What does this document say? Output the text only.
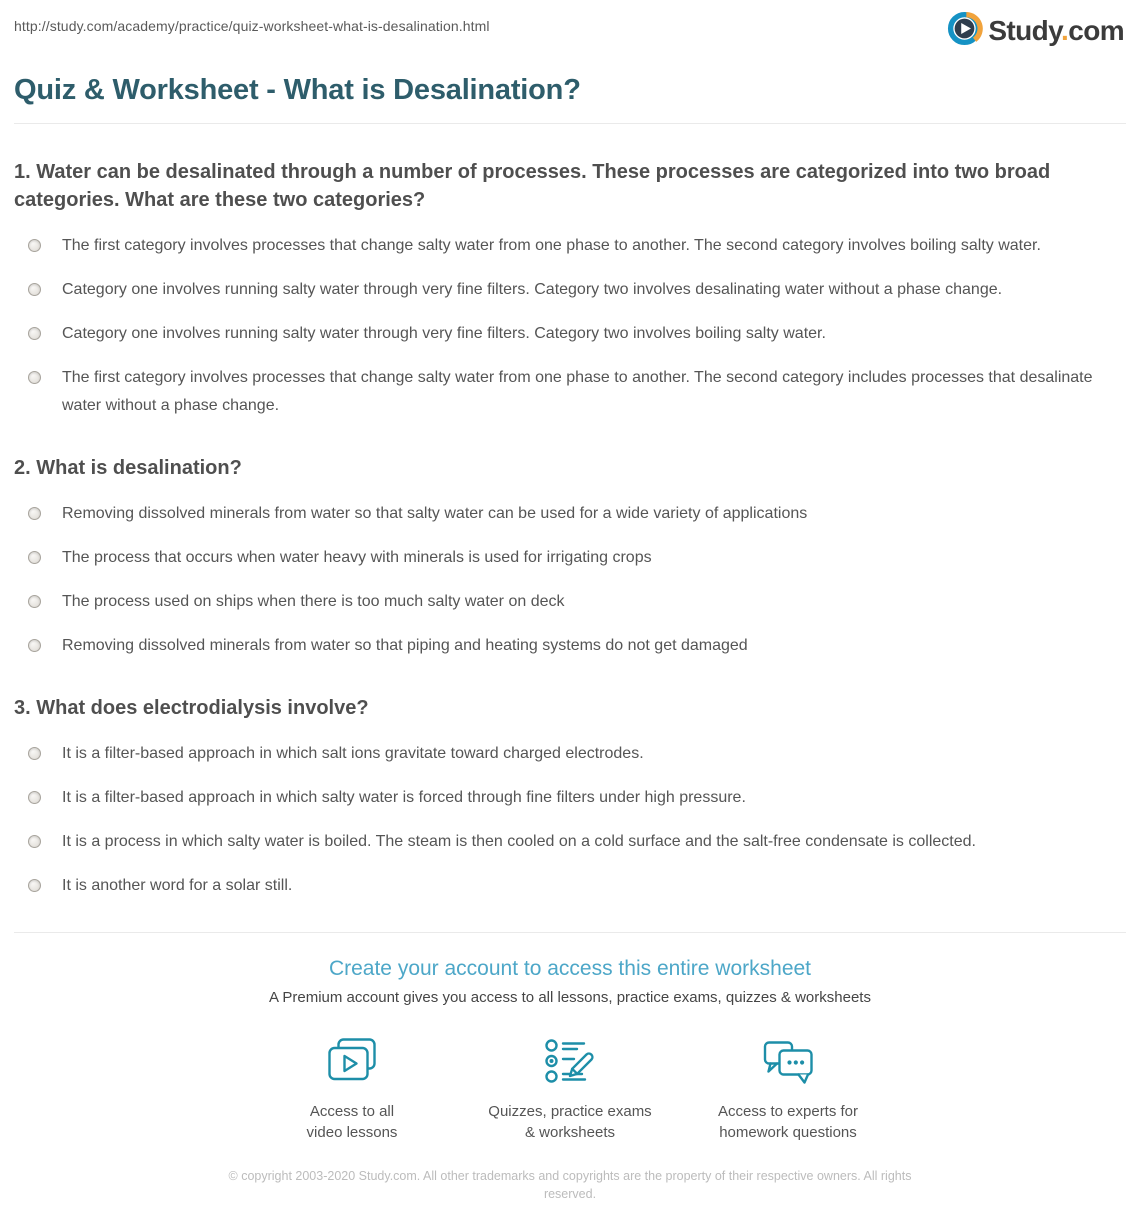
http://study.com/academy/practice/quiz-worksheet-what-is-desalination.html	Study.com
Quiz & Worksheet - What is Desalination?
1. Water can be desalinated through a number of processes. These processes are categorized into two broad categories. What are these two categories?
The first category involves processes that change salty water from one phase to another. The second category involves boiling salty water.
Category one involves running salty water through very fine filters. Category two involves desalinating water without a phase change.
Category one involves running salty water through very fine filters. Category two involves boiling salty water.
The first category involves processes that change salty water from one phase to another. The second category includes processes that desalinate water without a phase change.
2. What is desalination?
Removing dissolved minerals from water so that salty water can be used for a wide variety of applications
The process that occurs when water heavy with minerals is used for irrigating crops
The process used on ships when there is too much salty water on deck
Removing dissolved minerals from water so that piping and heating systems do not get damaged
3. What does electrodialysis involve?
It is a filter-based approach in which salt ions gravitate toward charged electrodes.
It is a filter-based approach in which salty water is forced through fine filters under high pressure.
It is a process in which salty water is boiled. The steam is then cooled on a cold surface and the salt-free condensate is collected.
It is another word for a solar still.
Create your account to access this entire worksheet
A Premium account gives you access to all lessons, practice exams, quizzes & worksheets
Access to all
video lessons
Quizzes, practice exams
& worksheets
Access to experts for
homework questions
© copyright 2003-2020 Study.com. All other trademarks and copyrights are the property of their respective owners. All rights reserved.
